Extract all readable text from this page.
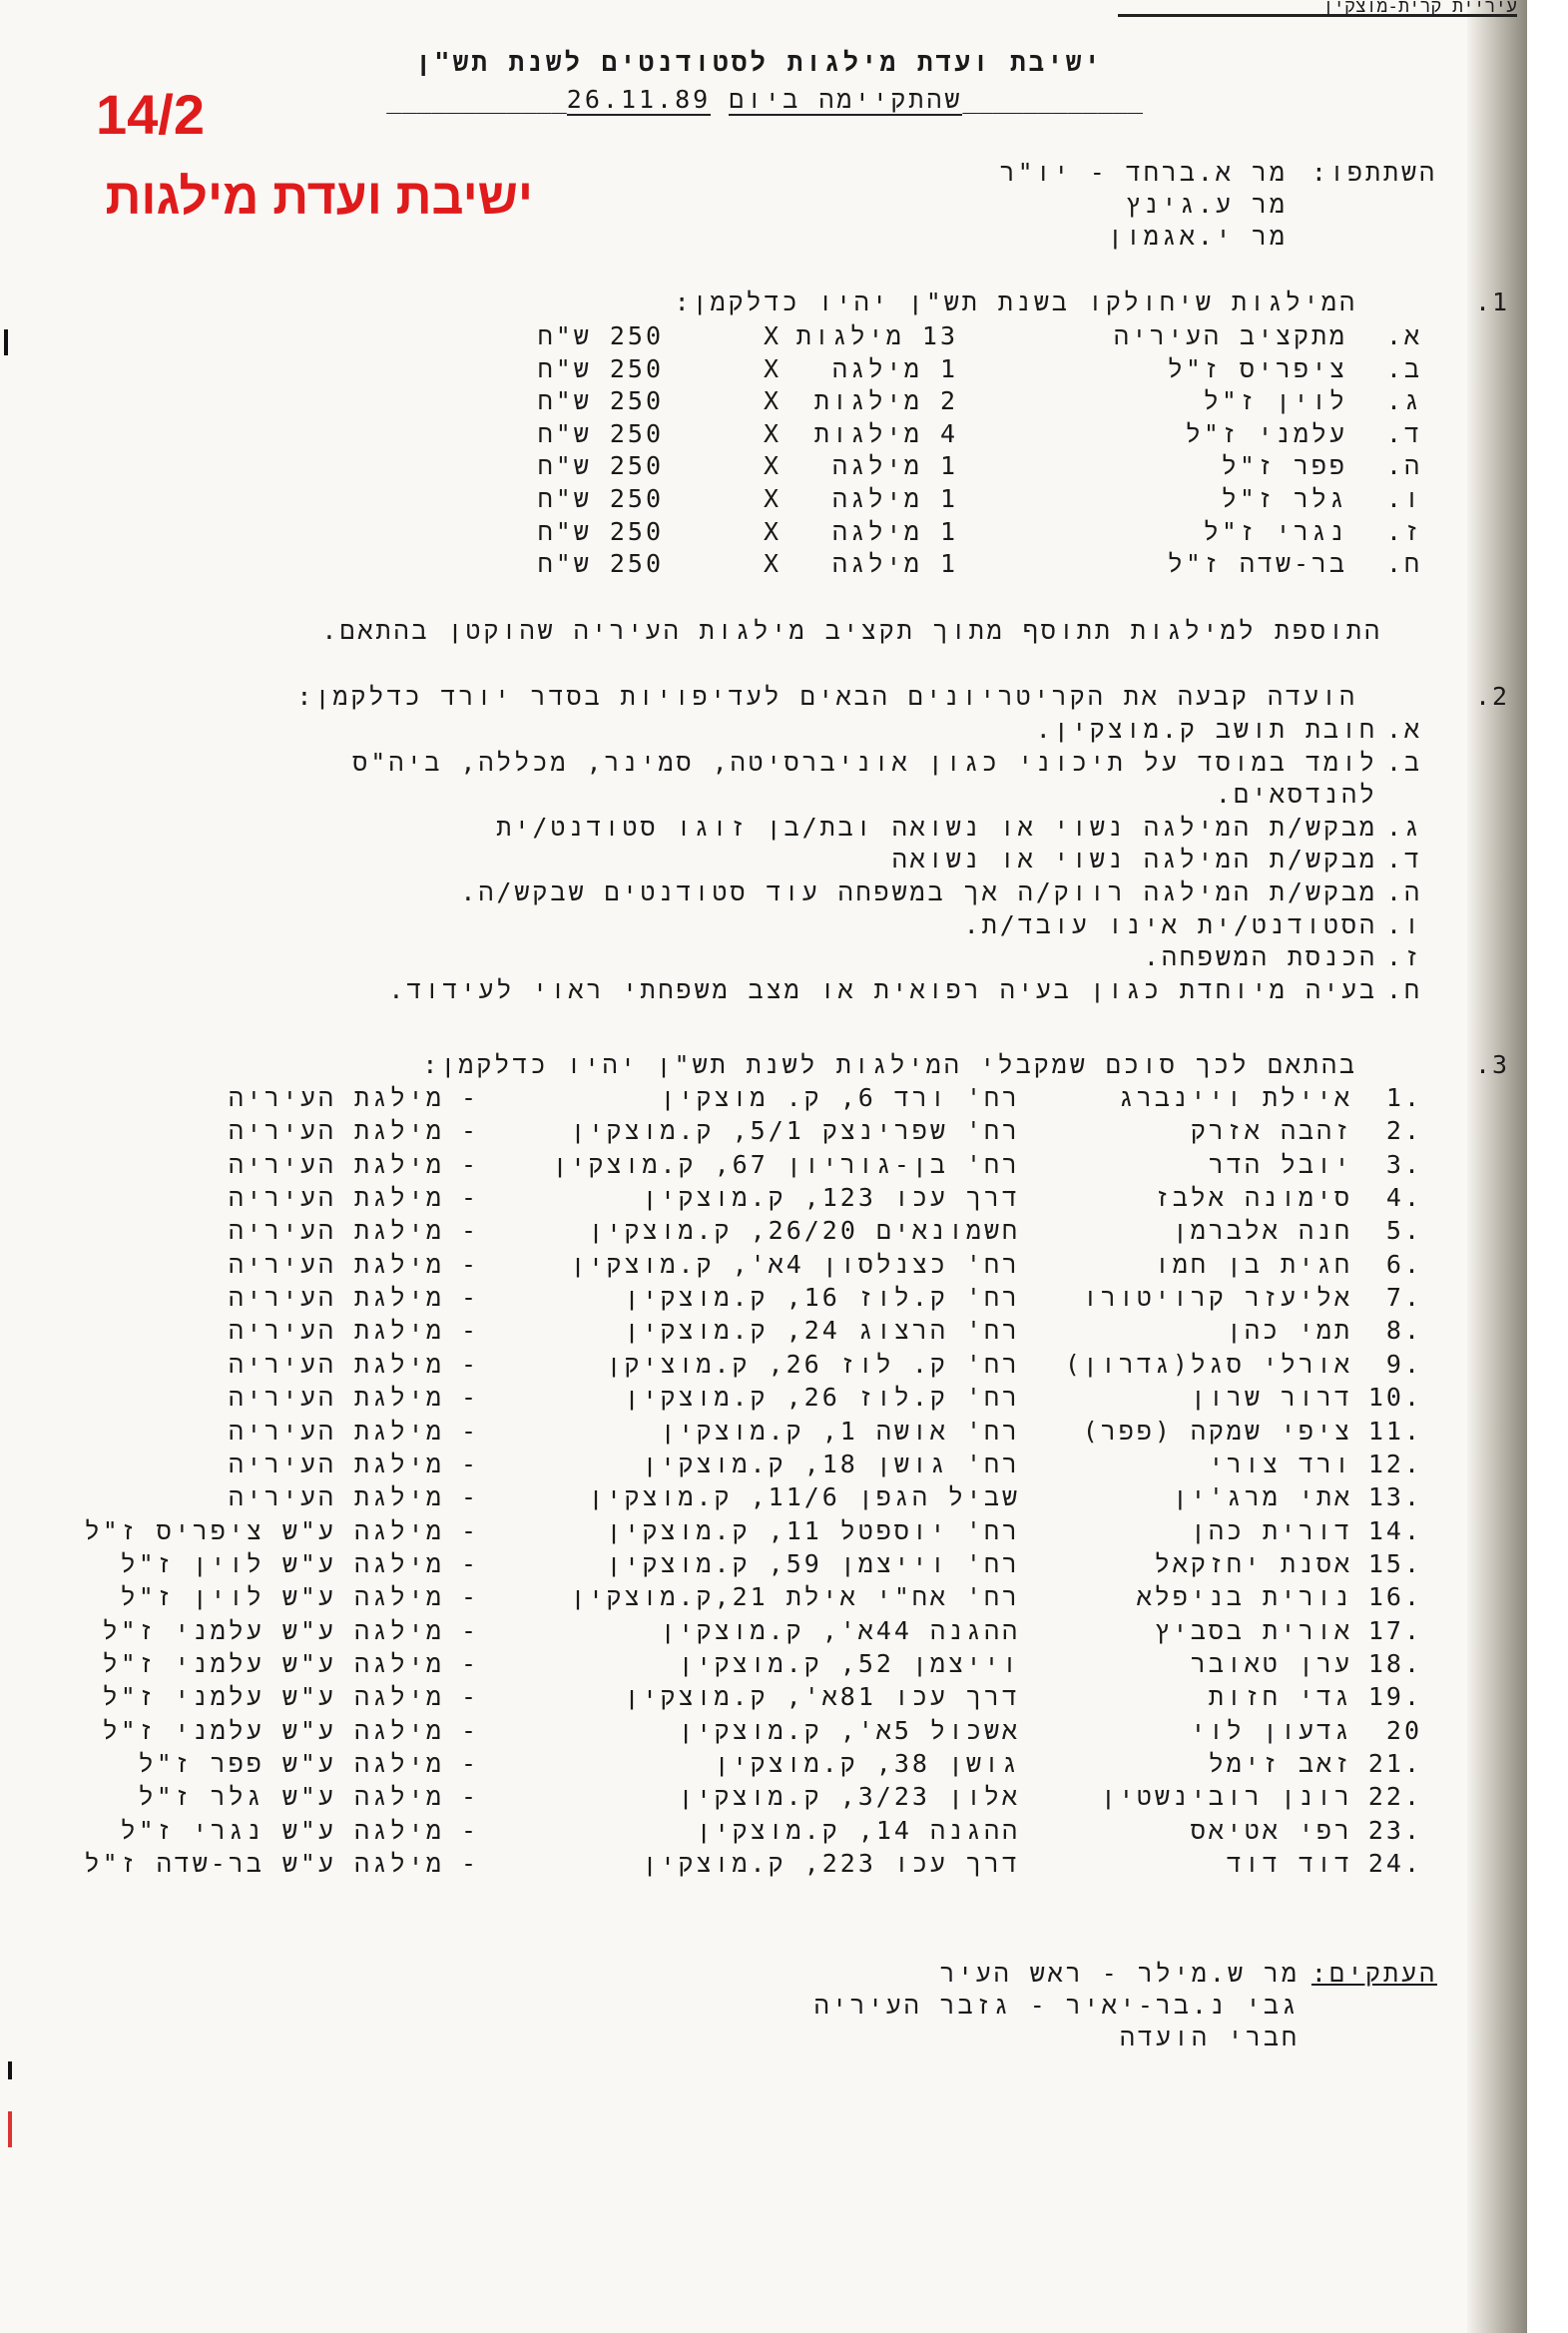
עיריית קרית-מוצקין
14/2
ישיבת ועדת מילגות
ישיבת ועדת מילגות לסטודנטים לשנת תש"ן
____________שהתקיימה ביום 26.11.89____________
השתתפו:
מר א.ברחד - יו"ר
מר ע.גינץ
מר י.אגמון
.1
המילגות שיחולקו בשנת תש"ן יהיו כדלקמן:
א.
מתקציב העיריה
13 מילגות
X
250 ש"ח
ב.
ציפריס ז"ל
1 מילגה
X
250 ש"ח
ג.
לוין ז"ל
2 מילגות
X
250 ש"ח
ד.
עלמני ז"ל
4 מילגות
X
250 ש"ח
ה.
פפר ז"ל
1 מילגה
X
250 ש"ח
ו.
גלר ז"ל
1 מילגה
X
250 ש"ח
ז.
נגרי ז"ל
1 מילגה
X
250 ש"ח
ח.
בר-שדה ז"ל
1 מילגה
X
250 ש"ח
התוספת למילגות תתוסף מתוך תקציב מילגות העיריה שהוקטן בהתאם.
.2
הועדה קבעה את הקריטריונים הבאים לעדיפויות בסדר יורד כדלקמן:
א.
חובת תושב ק.מוצקין.
ב.
לומד במוסד על תיכוני כגון אוניברסיטה, סמינר, מכללה, ביה"ס
להנדסאים.
ג.
מבקש/ת המילגה נשוי או נשואה ובת/בן זוגו סטודנט/ית
ד.
מבקש/ת המילגה נשוי או נשואה
ה.
מבקש/ת המילגה רווק/ה אך במשפחה עוד סטודנטים שבקש/ה.
ו.
הסטודנט/ית אינו עובד/ת.
ז.
הכנסת המשפחה.
ח.
בעיה מיוחדת כגון בעיה רפואית או מצב משפחתי ראוי לעידוד.
.3
בהתאם לכך סוכם שמקבלי המילגות לשנת תש"ן יהיו כדלקמן:
.1
איילת ויינברג
רח' ורד 6, ק. מוצקין
-
מילגת העיריה
.2
זהבה אזרק
רח' שפרינצק 5/1, ק.מוצקין
-
מילגת העיריה
.3
יובל הדר
רח' בן-גוריון 67, ק.מוצקין
-
מילגת העיריה
.4
סימונה אלבז
דרך עכו 123, ק.מוצקין
-
מילגת העיריה
.5
חנה אלברמן
חשמונאים 26/20, ק.מוצקין
-
מילגת העיריה
.6
חגית בן חמו
רח' כצנלסון 4א', ק.מוצקין
-
מילגת העיריה
.7
אליעזר קרויטורו
רח' ק.לוז 16, ק.מוצקין
-
מילגת העיריה
.8
תמי כהן
רח' הרצוג 24, ק.מוצקין
-
מילגת העיריה
.9
אורלי סגל(גדרון)
רח' ק. לוז 26, ק.מוציקן
-
מילגת העיריה
.10
דרור שרון
רח' ק.לוז 26, ק.מוצקין
-
מילגת העיריה
.11
ציפי שמקה (פפר)
רח' אושה 1, ק.מוצקין
-
מילגת העיריה
.12
ורד צורי
רח' גושן 18, ק.מוצקין
-
מילגת העיריה
.13
אתי מרג'ין
שביל הגפן 11/6, ק.מוצקין
-
מילגת העיריה
.14
דורית כהן
רח' יוספטל 11, ק.מוצקין
-
מילגה ע"ש ציפריס ז"ל
.15
אסנת יחזקאל
רח' וייצמן 59, ק.מוצקין
-
מילגה ע"ש לוין ז"ל
.16
נורית בניפלא
רח' אח"י אילת 21,ק.מוצקין
-
מילגה ע"ש לוין ז"ל
.17
אורית בסביץ
ההגנה 44א', ק.מוצקין
-
מילגה ע"ש עלמני ז"ל
.18
ערן טאובר
וייצמן 52, ק.מוצקין
-
מילגה ע"ש עלמני ז"ל
.19
גדי חזות
דרך עכו 81א', ק.מוצקין
-
מילגה ע"ש עלמני ז"ל
20
גדעון לוי
אשכול 5א', ק.מוצקין
-
מילגה ע"ש עלמני ז"ל
.21
זאב זימל
גושן 38, ק.מוצקין
-
מילגה ע"ש פפר ז"ל
.22
רונן רובינשטין
אלון 3/23, ק.מוצקין
-
מילגה ע"ש גלר ז"ל
.23
רפי אטיאס
ההגנה 14, ק.מוצקין
-
מילגה ע"ש נגרי ז"ל
.24
דוד דוד
דרך עכו 223, ק.מוצקין
-
מילגה ע"ש בר-שדה ז"ל
העתקים:
מר ש.מילר - ראש העיר
גבי נ.בר-יאיר - גזבר העיריה
חברי הועדה
